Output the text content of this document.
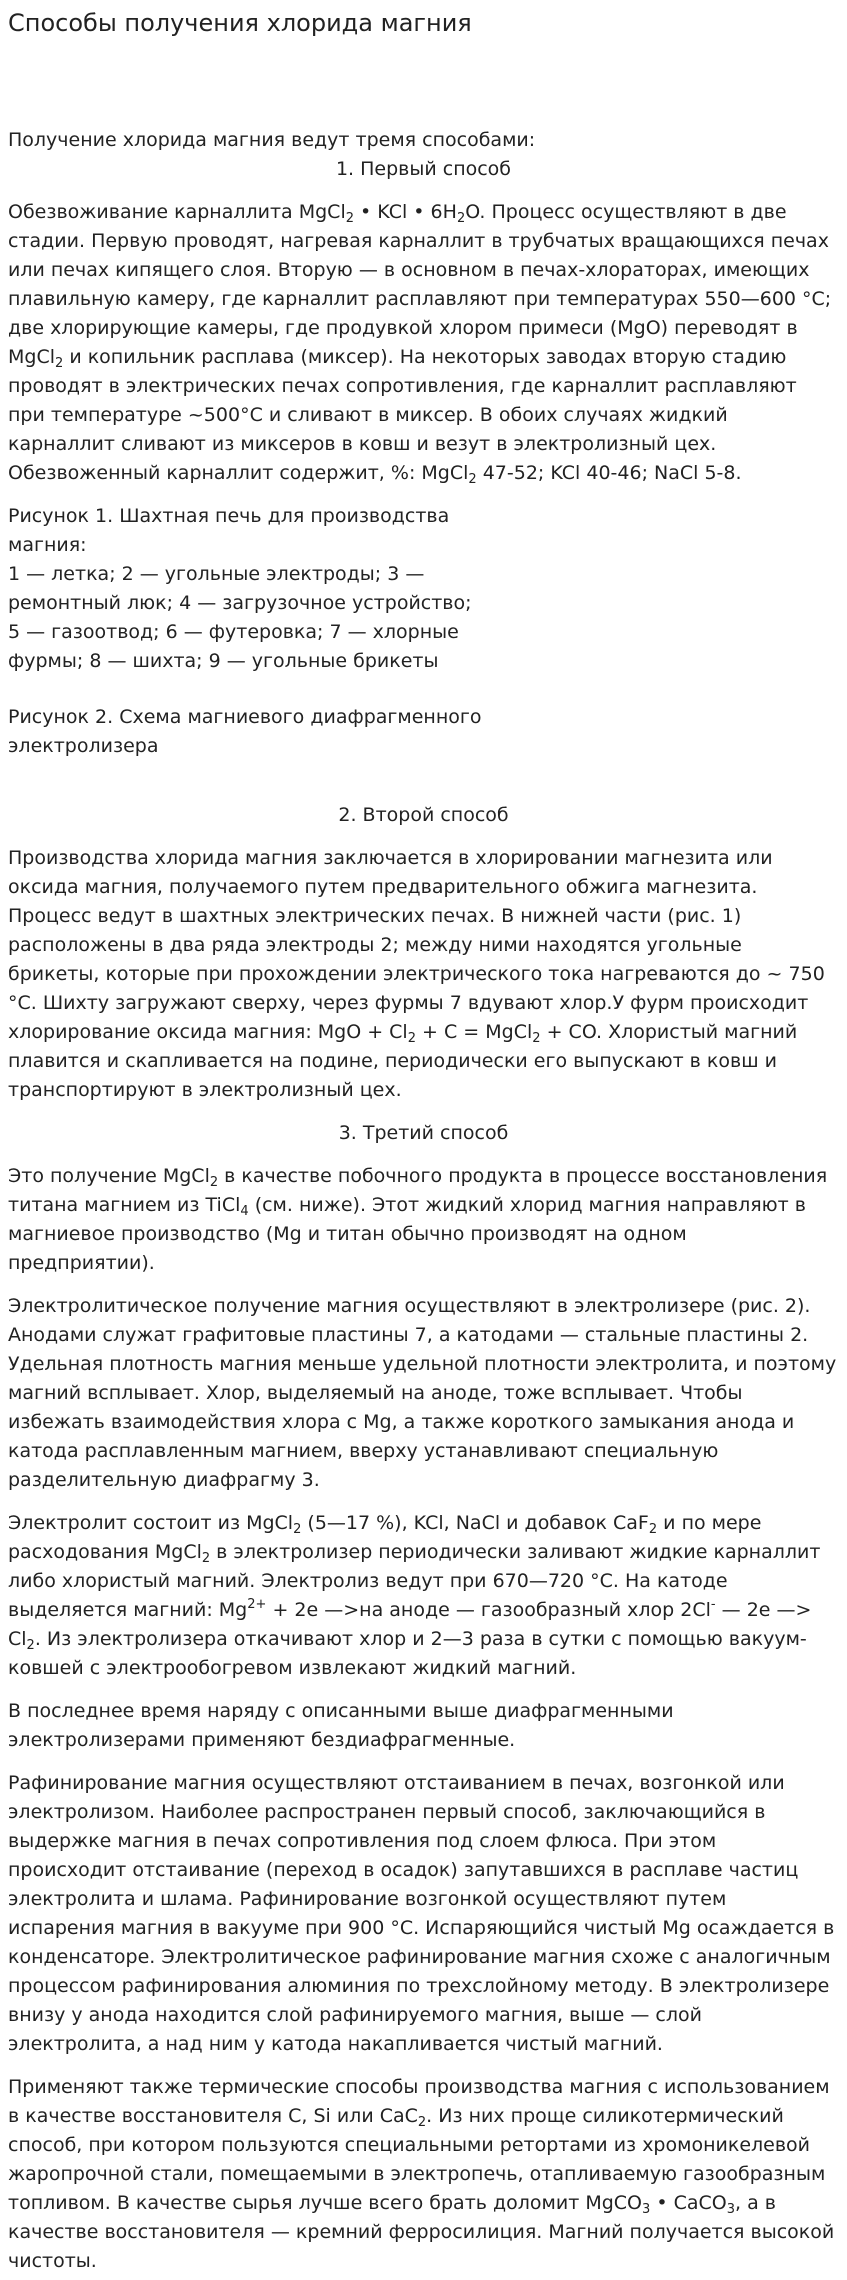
Способы получения хлорида магния

Получение хлорида магния ведут тремя способами:

1. Первый способ

Обезвоживание карналлита MgCl$_2$ • KCl • $6H_2O$. Процесс осуществляют в две стадии. Первую проводят, нагревая карналлит в трубчатых вращающихся печах или печах кипящего слоя. Вторую — в основном в печах-хлораторах, имеющих плавильную камеру, где карналлит расплавляют при температурах 550—600 °С; две хлорирующие камеры, где продувкой хлором примеси (MgO) переводят в MgCl$_2$ и копильник расплава (миксер). На некоторых заводах вторую стадию проводят в электрических печах сопротивления, где карналлит расплавляют при температуре ~500°С и сливают в миксер. В обоих случаях жидкий карналлит сливают из миксеров в ковш и везут в электролизный цех. Обезвоженный карналлит содержит, %: MgCl$_2$ 47-52; KCl 40-46; NaCl 5-8.

Рисунок 1. Шахтная печь для производства магния:

1 — летка; 2 — угольные электроды; 3 — ремонтный люк; 4 — загрузочное устройство; 5 — газоотвод; 6 — футеровка; 7 — хлорные фурмы; 8 — шихта; 9 — угольные брикеты

Рисунок 2. Схема магниевого диафрагменного электролизера

2. Второй способ

Производства хлорида магния заключается в хлорировании магнезита или оксида магния, получаемого путем предварительного обжига магнезита. Процесс ведут в шахтных электрических печах. В нижней части (рис. 1) расположены в два ряда электроды 2; между ними находятся угольные брикеты, которые при прохождении электрического тока нагреваются до ~ 750 °С. Шихту загружают сверху, через фурмы 7 вдувают хлор.У фурм происходит хлорирование оксида магния: MgO + $Cl_2 + C$ = MgCl$_2$ + CO. Хлористый магний плавится и скапливается на подине, периодически его выпускают в ковш и транспортируют в электролизный цех.

3. Третий способ

Это получение MgCl$_2$ в качестве побочного продукта в процессе восстановления титана магнием из TiCl$_4$ (см. ниже). Этот жидкий хлорид магния направляют в магниевое производство (Mg и титан обычно производят на одном предприятии).

Электролитическое получение магния осуществляют в электролизере (рис. 2). Анодами служат графитовые пластины 7, а катодами — стальные пластины 2. Удельная плотность магния меньше удельной плотности электролита, и поэтому магний всплывает. Хлор, выделяемый на аноде, тоже всплывает. Чтобы избежать взаимодействия хлора с Mg, а также короткого замыкания анода и катода расплавленным магнием, вверху устанавливают специальную разделительную диафрагму 3.

Электролит состоит из MgCl$_2$ (5—17 %), KCl, NaCl и добавок CaF$_2$ и по мере расходования MgCl$_2$ в электролизер периодически заливают жидкие карналлит либо хлористый магний. Электролиз ведут при 670—720 °С. На катоде выделяется магний: $Mg^{2+} + 2е$ —>на аноде — газообразный хлор 2Cl- — 2е —> $Cl_2$. Из электролизера откачивают хлор и 2—3 раза в сутки с помощью вакуум-ковшей с электрообогревом извлекают жидкий магний.

В последнее время наряду с описанными выше диафрагменными электролизерами применяют бездиафрагменные.

Рафинирование магния осуществляют отстаиванием в печах, возгонкой или электролизом. Наиболее распространен первый способ, заключающийся в выдержке магния в печах сопротивления под слоем флюса. При этом происходит отстаивание (переход в осадок) запутавшихся в расплаве частиц электролита и шлама. Рафинирование возгонкой осуществляют путем испарения магния в вакууме при 900 °С. Испаряющийся чистый Mg осаждается в конденсаторе. Электролитическое рафинирование магния схоже с аналогичным процессом рафинирования алюминия по трехслойному методу. В электролизере внизу у анода находится слой рафинируемого магния, выше — слой электролита, а над ним у катода накапливается чистый магний.

Применяют также термические способы производства магния с использованием в качестве восстановителя C, Si или CaC$_2$. Из них проще силикотермический способ, при котором пользуются специальными ретортами из хромоникелевой жаропрочной стали, помещаемыми в электропечь, отапливаемую газообразным топливом. В качестве сырья лучше всего брать доломит MgCO$_3$ • CaCO$_3$, а в качестве восстановителя — кремний ферросилиция. Магний получается высокой чистоты.
